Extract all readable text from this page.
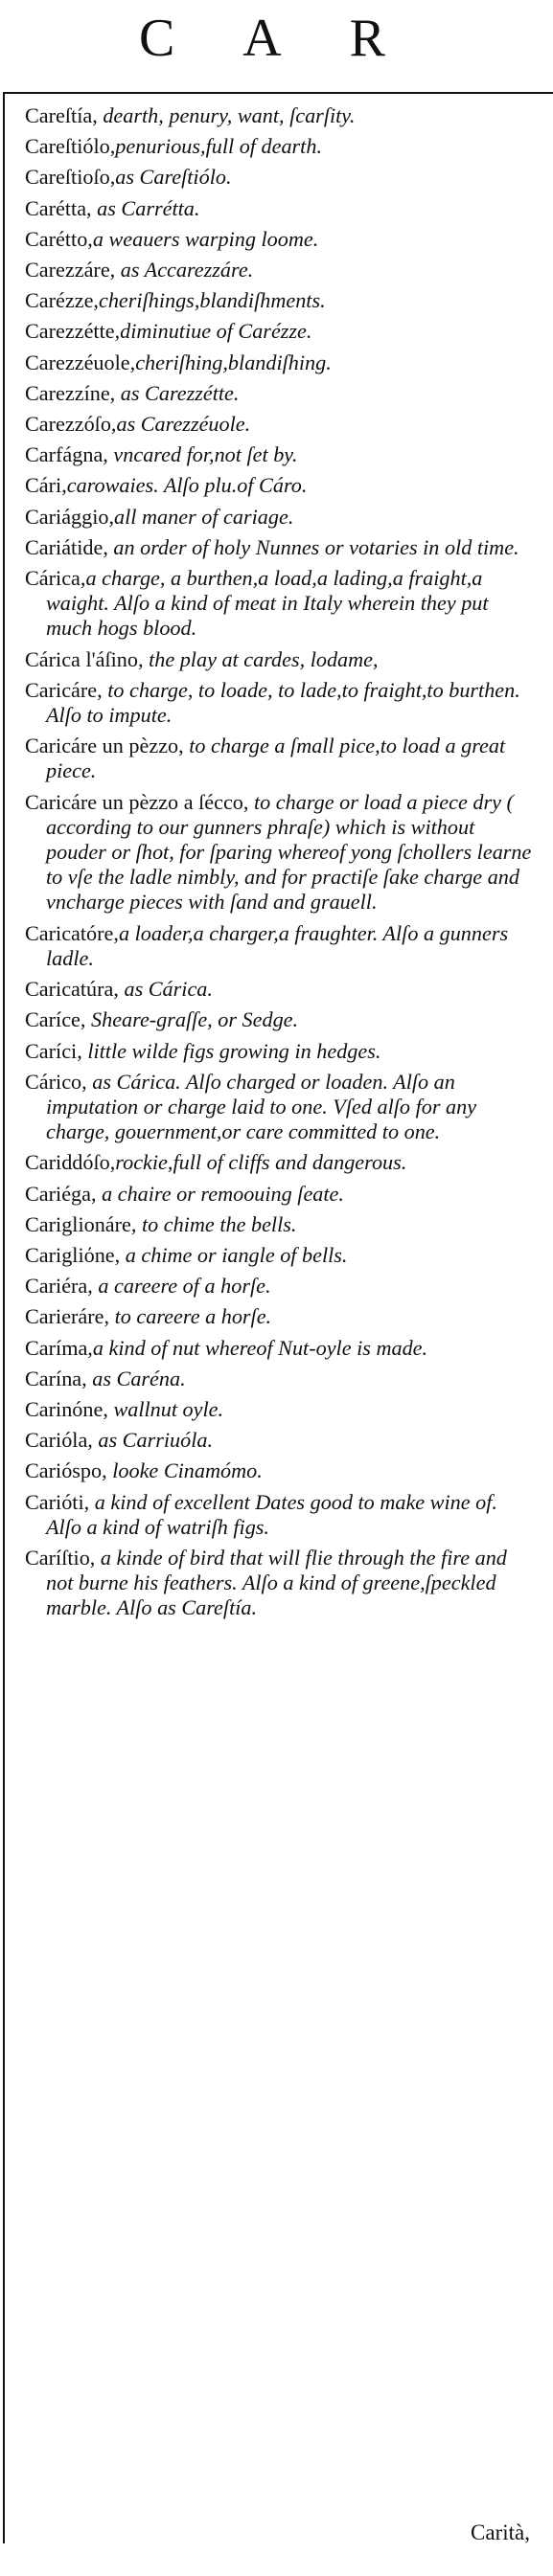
C A R
Careſtía, dearth, penury, want, ſcarſity.
Careſtiólo,penurious,full of dearth.
Careſtioſo,as Careſtiólo.
Carétta, as Carrétta.
Carétto,a weauers warping loome.
Carezzáre, as Accarezzáre.
Carézze,cheriſhings,blandiſhments.
Carezzétte,diminutiue of Carézze.
Carezzéuole,cheriſhing,blandiſhing.
Carezzíne, as Carezzétte.
Carezzóſo,as Carezzéuole.
Carfágna, vncared for,not ſet by.
Cári,carowaies. Alſo plu.of Cáro.
Cariággio,all maner of cariage.
Cariátide, an order of holy Nunnes or votaries in old time.
Cárica,a charge, a burthen,a load,a lading,a fraight,a waight. Alſo a kind of meat in Italy wherein they put much hogs blood.
Cárica l'áſino, the play at cardes, lodame,
Caricáre, to charge, to loade, to lade,to fraight,to burthen. Alſo to impute.
Caricáre un pèzzo, to charge a ſmall pice,to load a great piece.
Caricáre un pèzzo a ſécco, to charge or load a piece dry ( according to our gunners phraſe) which is without pouder or ſhot, for ſparing whereof yong ſchollers learne to vſe the ladle nimbly, and for practiſe ſake charge and vncharge pieces with ſand and grauell.
Caricatóre,a loader,a charger,a fraughter. Alſo a gunners ladle.
Caricatúra, as Cárica.
Caríce, Sheare-graſſe, or Sedge.
Caríci, little wilde figs growing in hedges.
Cárico, as Cárica. Alſo charged or loaden. Alſo an imputation or charge laid to one. Vſed alſo for any charge, gouernment,or care committed to one.
Cariddóſo,rockie,full of cliffs and dangerous.
Cariéga, a chaire or remoouing ſeate.
Cariglionáre, to chime the bells.
Carigliόne, a chime or iangle of bells.
Cariéra, a careere of a horſe.
Carieráre, to careere a horſe.
Caríma,a kind of nut whereof Nut-oyle is made.
Carína, as Caréna.
Carinóne, wallnut oyle.
Carióla, as Carriuóla.
Carióspo, looke Cinamómo.
Carióti, a kind of excellent Dates good to make wine of. Alſo a kind of watriſh figs.
Caríſtio, a kinde of bird that will flie through the fire and not burne his feathers. Alſo a kind of greene,ſpeckled marble. Alſo as Careſtía.
Carità,
